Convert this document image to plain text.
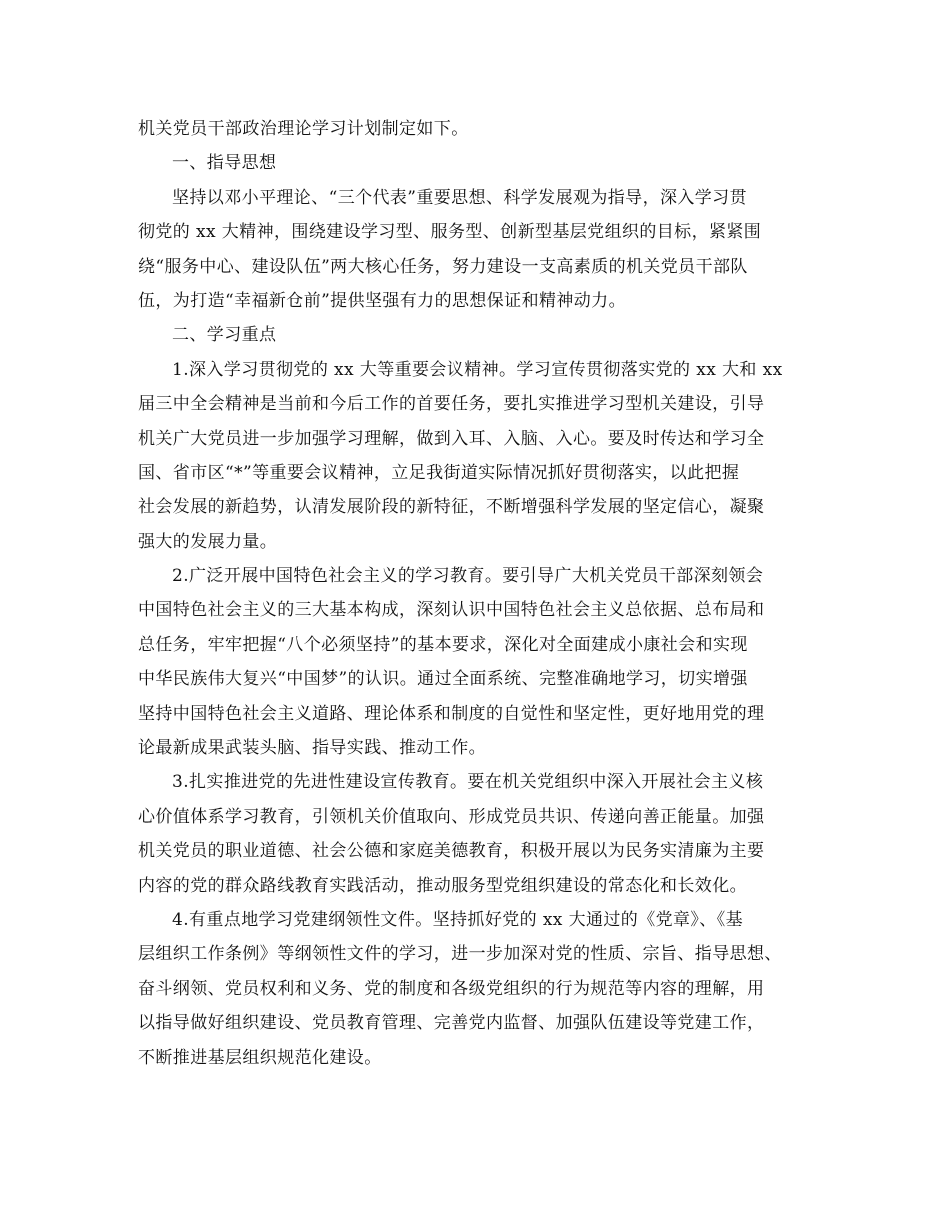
机关党员干部政治理论学习计划制定如下。
一、指导思想
坚持以邓小平理论、“三个代表”重要思想、科学发展观为指导，深入学习贯
彻党的 xx 大精神，围绕建设学习型、服务型、创新型基层党组织的目标，紧紧围
绕“服务中心、建设队伍”两大核心任务，努力建设一支高素质的机关党员干部队
伍，为打造“幸福新仓前”提供坚强有力的思想保证和精神动力。
二、学习重点
1.深入学习贯彻党的 xx 大等重要会议精神。学习宣传贯彻落实党的 xx 大和 xx
届三中全会精神是当前和今后工作的首要任务，要扎实推进学习型机关建设，引导
机关广大党员进一步加强学习理解，做到入耳、入脑、入心。要及时传达和学习全
国、省市区“*”等重要会议精神，立足我街道实际情况抓好贯彻落实，以此把握
社会发展的新趋势，认清发展阶段的新特征，不断增强科学发展的坚定信心，凝聚
强大的发展力量。
2.广泛开展中国特色社会主义的学习教育。要引导广大机关党员干部深刻领会
中国特色社会主义的三大基本构成，深刻认识中国特色社会主义总依据、总布局和
总任务，牢牢把握“八个必须坚持”的基本要求，深化对全面建成小康社会和实现
中华民族伟大复兴“中国梦”的认识。通过全面系统、完整准确地学习，切实增强
坚持中国特色社会主义道路、理论体系和制度的自觉性和坚定性，更好地用党的理
论最新成果武装头脑、指导实践、推动工作。
3.扎实推进党的先进性建设宣传教育。要在机关党组织中深入开展社会主义核
心价值体系学习教育，引领机关价值取向、形成党员共识、传递向善正能量。加强
机关党员的职业道德、社会公德和家庭美德教育，积极开展以为民务实清廉为主要
内容的党的群众路线教育实践活动，推动服务型党组织建设的常态化和长效化。
4.有重点地学习党建纲领性文件。坚持抓好党的 xx 大通过的《党章》、《基
层组织工作条例》等纲领性文件的学习，进一步加深对党的性质、宗旨、指导思想、
奋斗纲领、党员权利和义务、党的制度和各级党组织的行为规范等内容的理解，用
以指导做好组织建设、党员教育管理、完善党内监督、加强队伍建设等党建工作，
不断推进基层组织规范化建设。
